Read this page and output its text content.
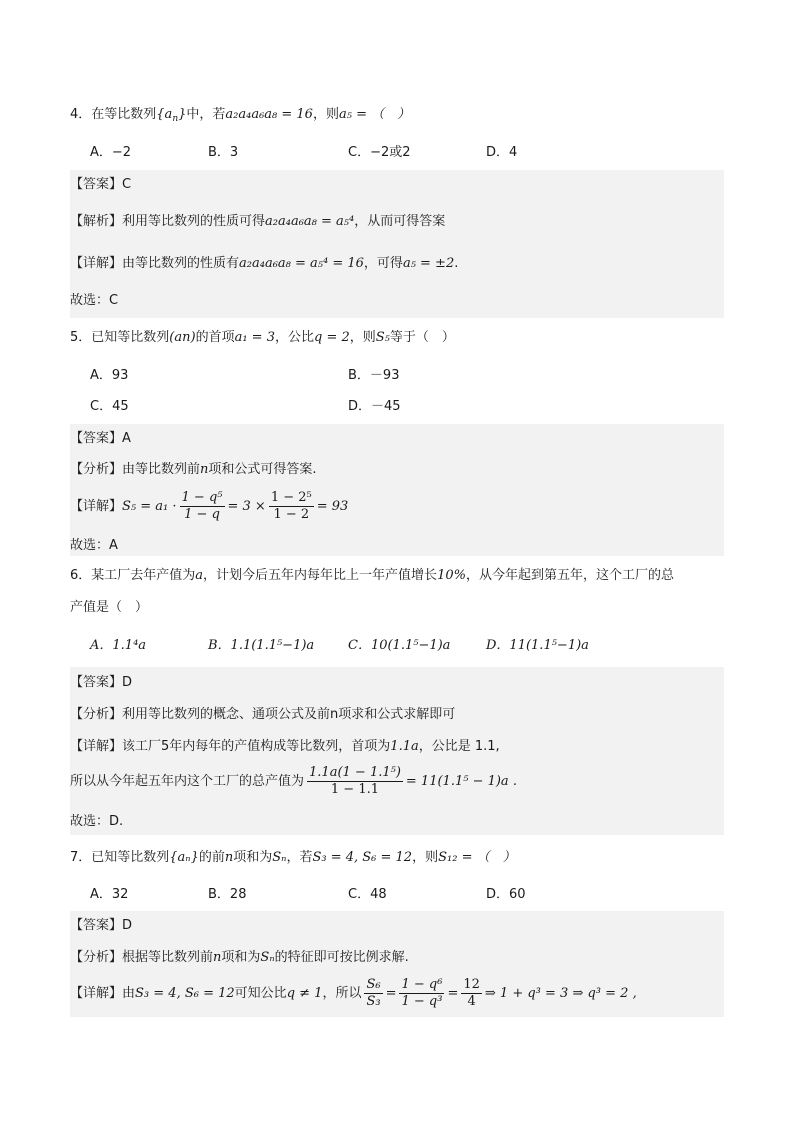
4．在等比数列$\{a_n\}$中，若a₂a₄a₆a₈ = 16，则a₅ = （　）
A．−2	B．3	C．−2或2	D．4
【答案】C
【解析】利用等比数列的性质可得a₂a₄a₆a₈ = a₅⁴，从而可得答案
【详解】由等比数列的性质有a₂a₄a₆a₈ = a₅⁴ = 16，可得a₅ = ±2.
故选：C
5．已知等比数列(an)的首项a₁ = 3，公比q = 2，则S₅等于（　）
A．93	B．－93
C．45	D．－45
【答案】A
【分析】由等比数列前n项和公式可得答案.
【详解】$S_5 = a_1 \cdot \frac{\text{1 − q⁵}}{1 - q} = 3 \times \frac{\text{1 − 2⁵}}{1 - 2} = 93$
故选：A
6．某工厂去年产值为a，计划今后五年内每年比上一年产值增长10%，从今年起到第五年，这个工厂的总
产值是（　）
A．1.1⁴a	B．1.1(1.1⁵−1)a	C．10(1.1⁵−1)a	D．11(1.1⁵−1)a
【答案】D
【分析】利用等比数列的概念、通项公式及前n项求和公式求解即可
【详解】该工厂5年内每年的产值构成等比数列，首项为1.1a，公比是 1.1,
所以从今年起五年内这个工厂的总产值为 $\frac{\text{1.1a(1 − 1.1⁵)}}{1 - 1.1} = 11(1.1^5 - 1)a$ .
故选：D.
7．已知等比数列{aₙ}的前n项和为Sₙ，若S₃ = 4, S₆ = 12，则S₁₂ = （　）
A．32	B．28	C．48	D．60
【答案】D
【分析】根据等比数列前n项和为Sₙ的特征即可按比例求解.
【详解】由S₃ = 4, S₆ = 12可知公比q ≠ 1，所以 $\frac{\text{S₆}}{\text{S₃}} = \frac{\text{1 − q⁶}}{\text{1 − q³}} = \frac{12}{4}$ ⇒ 1 + q³ = 3 ⇒ q³ = 2 ,
